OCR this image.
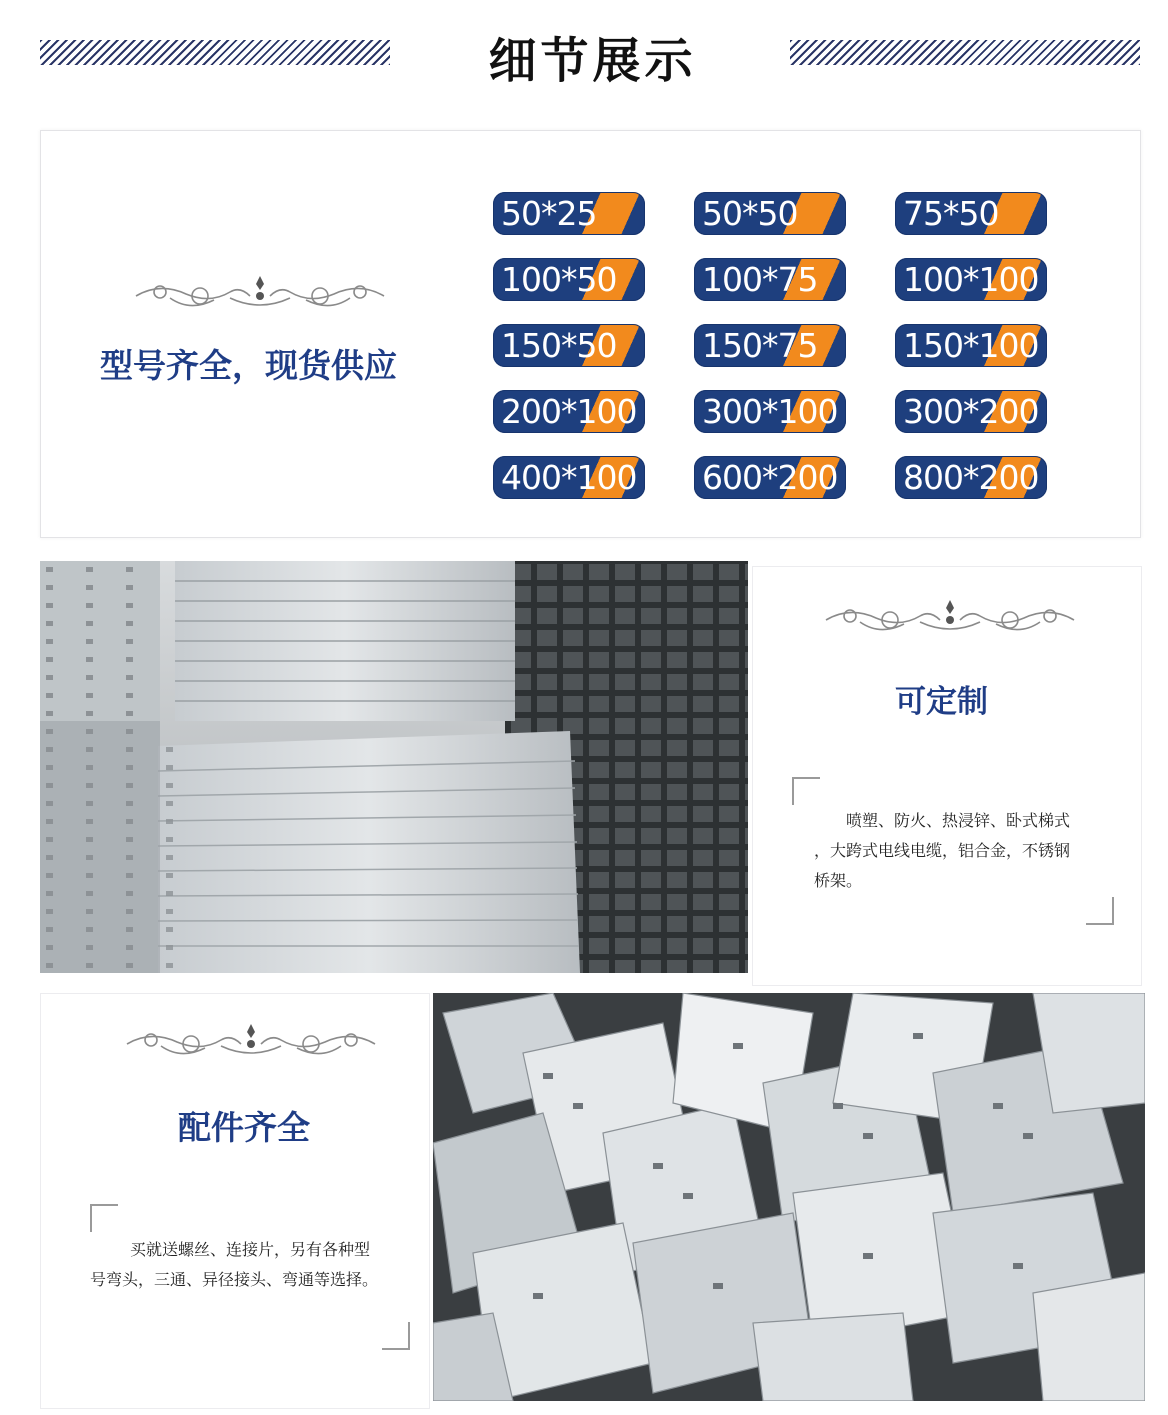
细节展示
型号齐全，现货供应
50*25	50*50	75*50
100*50	100*75	100*100
150*50	150*75	150*100
200*100 300*100 300*200
400*100 600*200 800*200
可定制

喷塑、防火、热浸锌、卧式梯式

，大跨式电线电缆，铝合金，不锈钢

桥架。

配件齐全

买就送螺丝、连接片，另有各种型

号弯头，三通、异径接头、弯通等选择。
